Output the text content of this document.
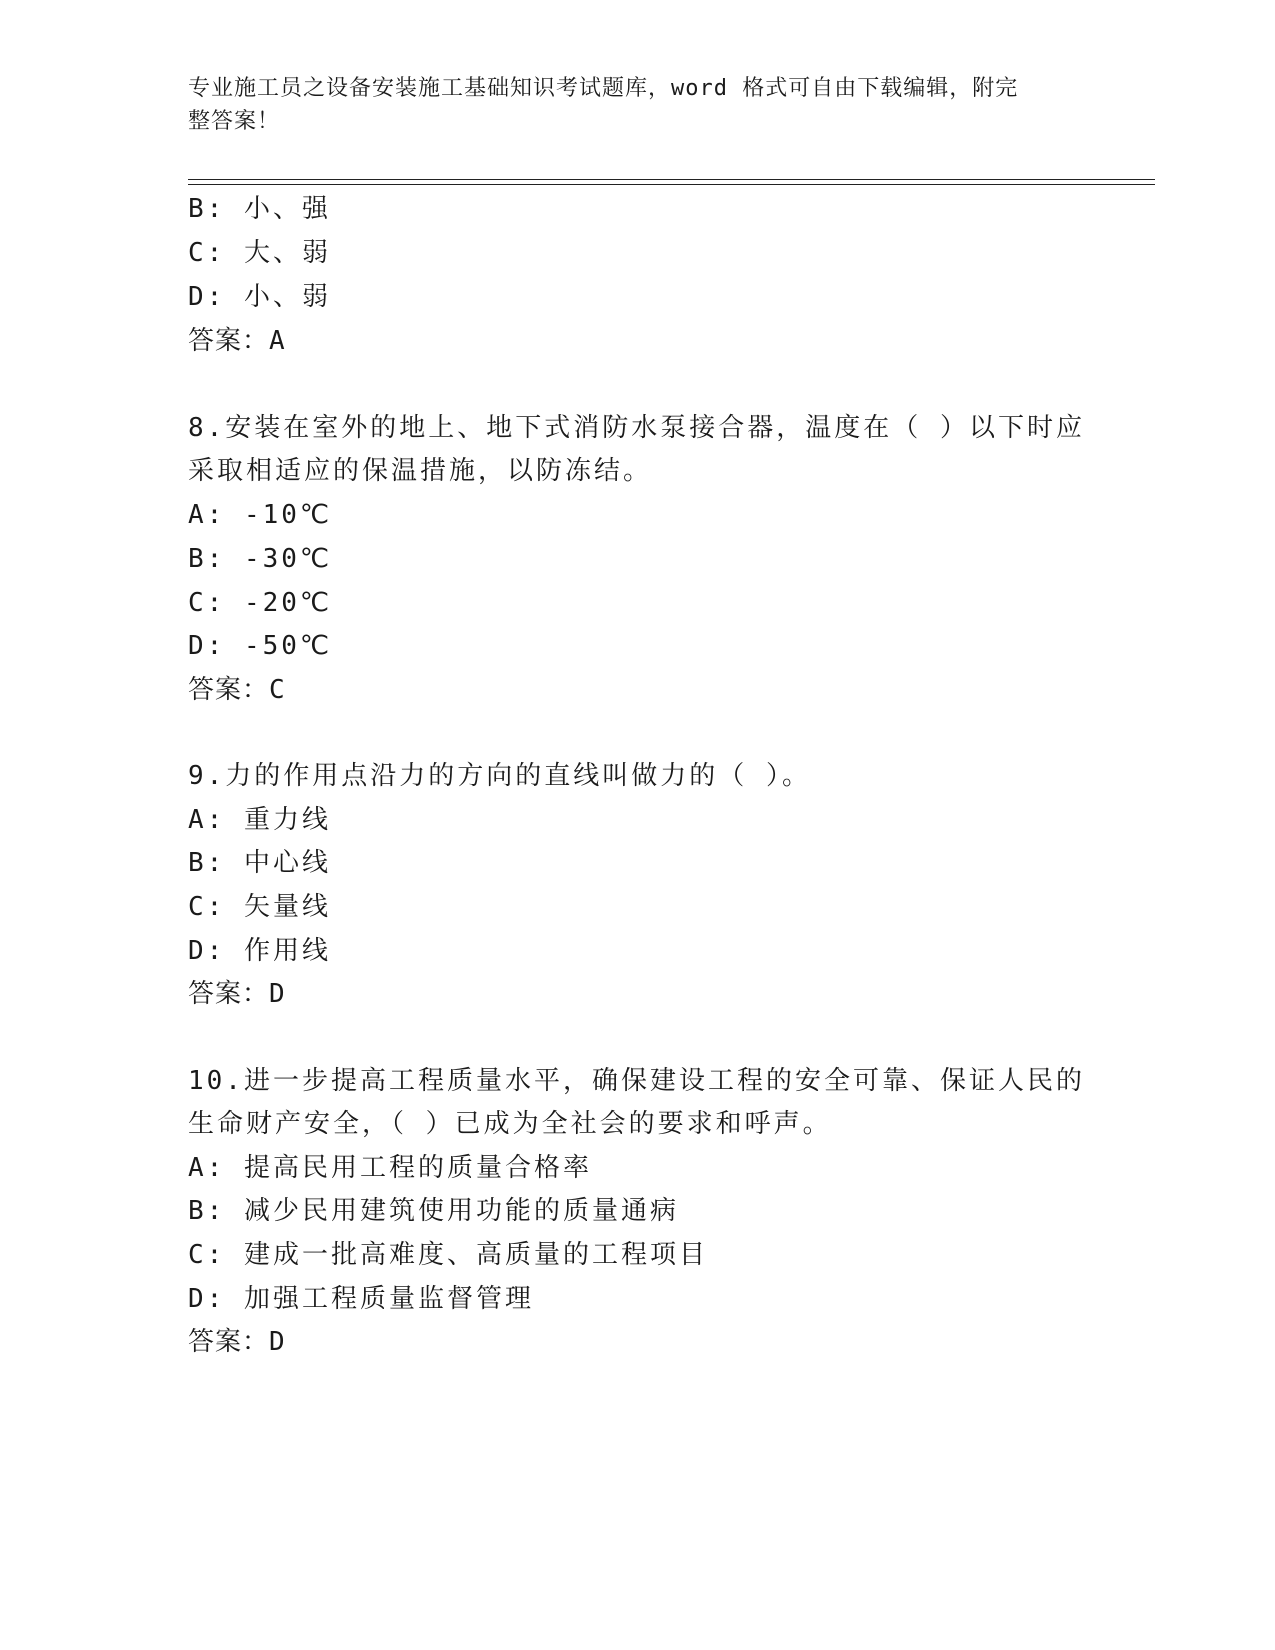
专业施工员之设备安装施工基础知识考试题库，word 格式可自由下载编辑，附完
整答案！
B: 小、强
C: 大、弱
D: 小、弱
答案：A
8.安装在室外的地上、地下式消防水泵接合器，温度在（ ）以下时应
采取相适应的保温措施，以防冻结。
A: -10℃
B: -30℃
C: -20℃
D: -50℃
答案：C
9.力的作用点沿力的方向的直线叫做力的（ ）。
A: 重力线
B: 中心线
C: 矢量线
D: 作用线
答案：D
10.进一步提高工程质量水平，确保建设工程的安全可靠、保证人民的
生命财产安全，（ ）已成为全社会的要求和呼声。
A: 提高民用工程的质量合格率
B: 减少民用建筑使用功能的质量通病
C: 建成一批高难度、高质量的工程项目
D: 加强工程质量监督管理
答案：D
